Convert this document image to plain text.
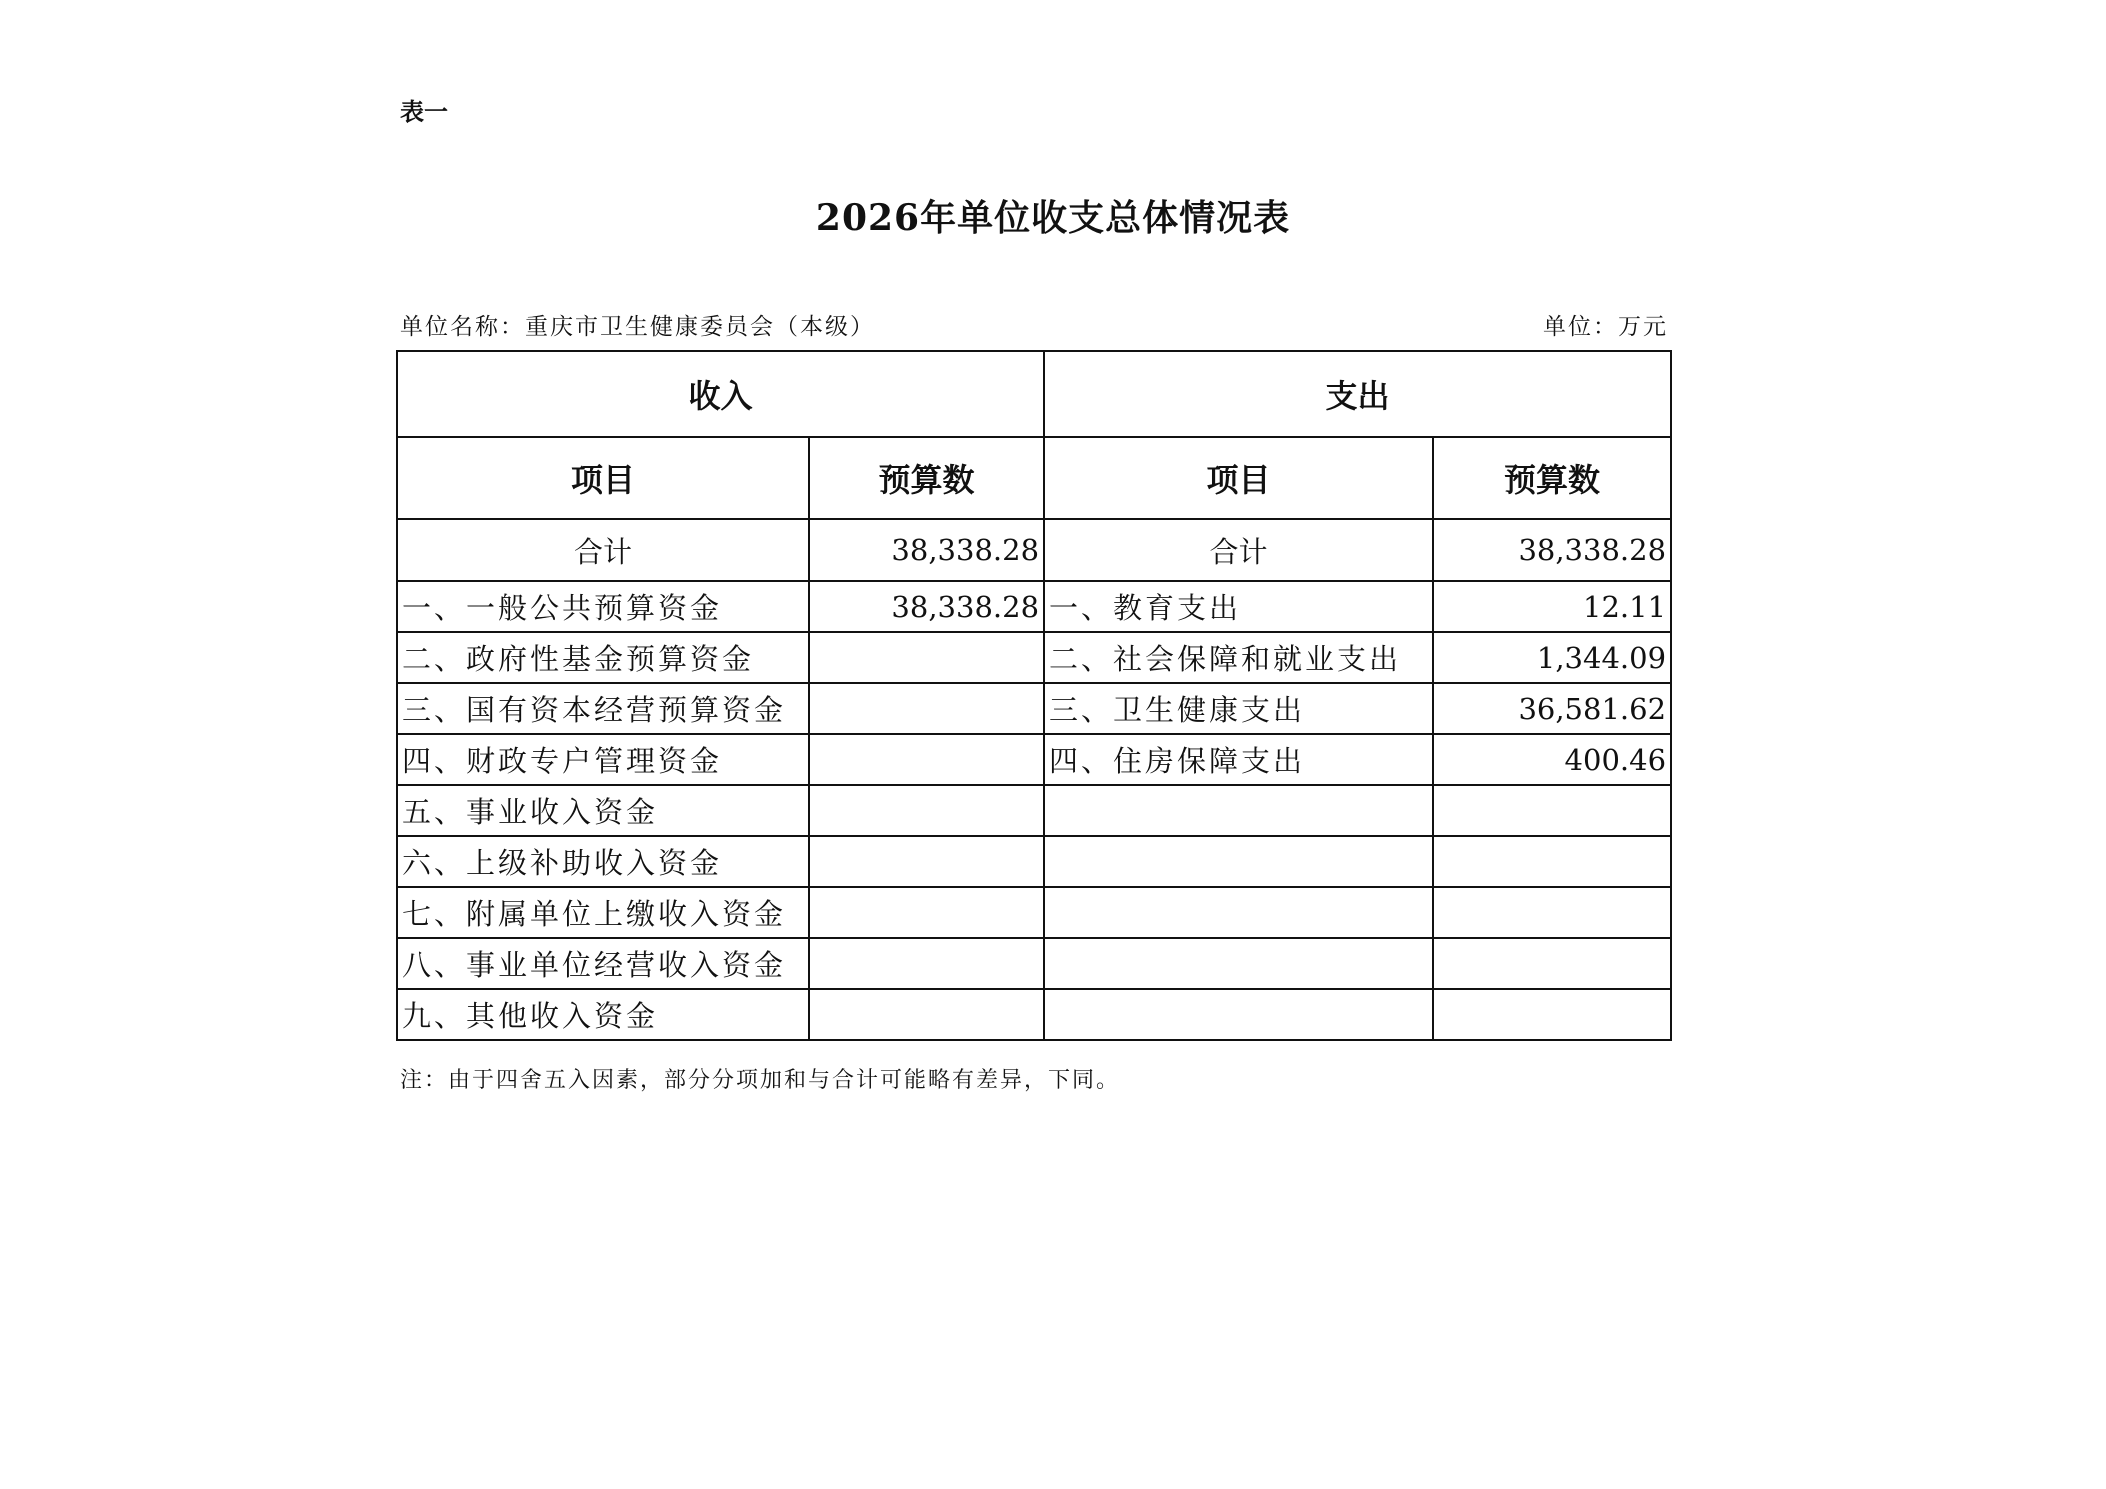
表一
2026年单位收支总体情况表
单位名称：重庆市卫生健康委员会（本级）	单位：万元
收入		支出	
项目	预算数	项目	预算数
合计	38,338.28	合计	38,338.28
一、一般公共预算资金	38,338.28	一、教育支出	12.11
二、政府性基金预算资金		二、社会保障和就业支出	1,344.09
三、国有资本经营预算资金		三、卫生健康支出	36,581.62
四、财政专户管理资金		四、住房保障支出	400.46
五、事业收入资金			
六、上级补助收入资金			
七、附属单位上缴收入资金			
八、事业单位经营收入资金			
九、其他收入资金			
注：由于四舍五入因素，部分分项加和与合计可能略有差异，下同。
